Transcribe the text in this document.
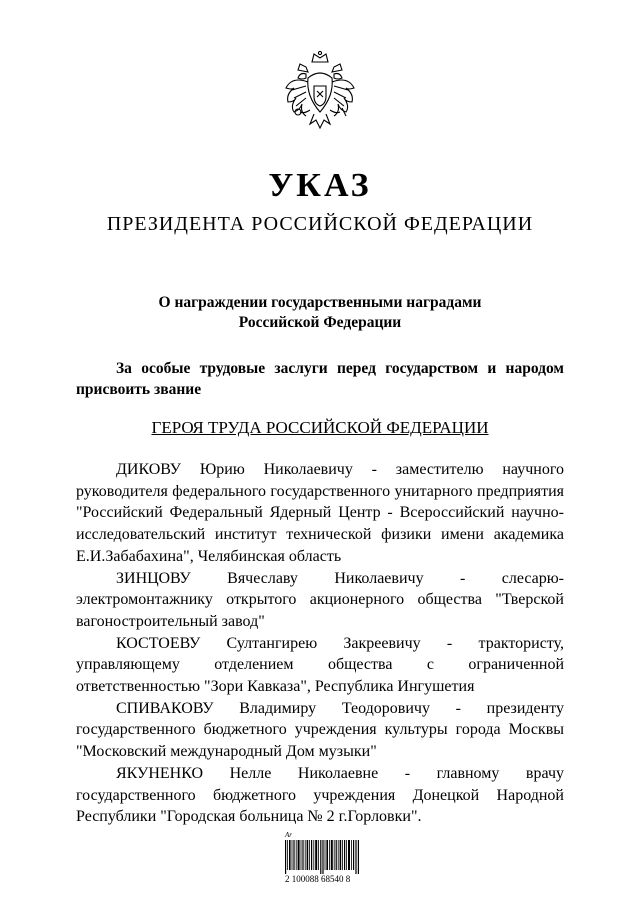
УКАЗ
ПРЕЗИДЕНТА РОССИЙСКОЙ ФЕДЕРАЦИИ
О награждении государственными наградами
Российской Федерации
За особые трудовые заслуги перед государством и народом присвоить звание
ГЕРОЯ ТРУДА РОССИЙСКОЙ ФЕДЕРАЦИИ

ДИКОВУ Юрию Николаевичу - заместителю научного руководителя федерального государственного унитарного предприятия "Российский Федеральный Ядерный Центр - Всероссийский научно-исследовательский институт технической физики имени академика Е.И.Забабахина", Челябинская область

ЗИНЦОВУ Вячеславу Николаевичу - слесарю-электромонтажнику открытого акционерного общества "Тверской вагоностроительный завод"

КОСТОЕВУ Султангирею Закреевичу - трактористу, управляющему отделением общества с ограниченной ответственностью "Зори Кавказа", Республика Ингушетия

СПИВАКОВУ Владимиру Теодоровичу - президенту государственного бюджетного учреждения культуры города Москвы "Московский международный Дом музыки"

ЯКУНЕНКО Нелле Николаевне - главному врачу государственного бюджетного учреждения Донецкой Народной Республики "Городская больница № 2 г.Горловки".

Ar
2 100088 68540 8
